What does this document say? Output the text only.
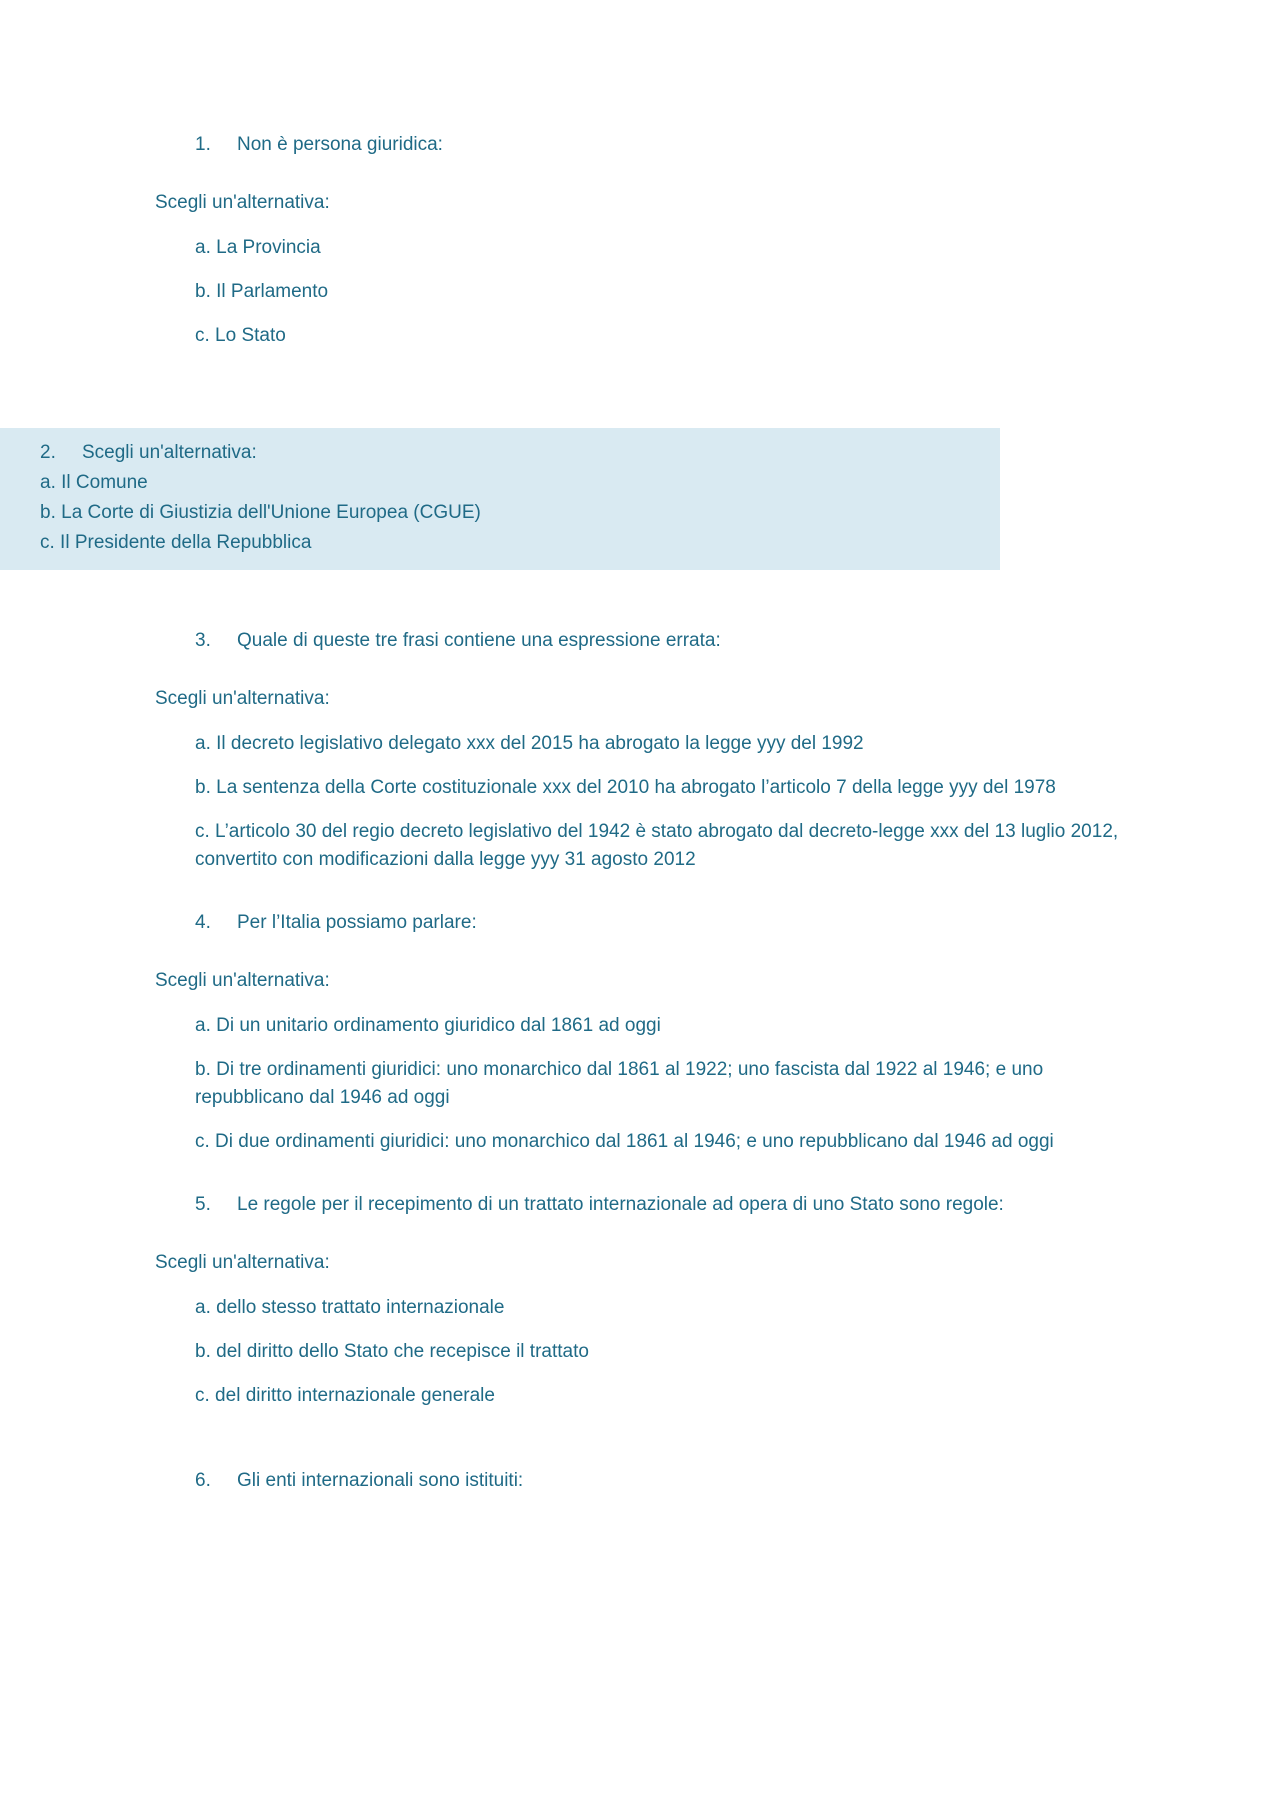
1.	Non è persona giuridica:
Scegli un'alternativa:
a. La Provincia
b. Il Parlamento
c. Lo Stato
2.	Scegli un'alternativa:
a. Il Comune
b. La Corte di Giustizia dell'Unione Europea (CGUE)
c. Il Presidente della Repubblica
3.	Quale di queste tre frasi contiene una espressione errata:
Scegli un'alternativa:
a. Il decreto legislativo delegato xxx del 2015 ha abrogato la legge yyy del 1992
b. La sentenza della Corte costituzionale xxx del 2010 ha abrogato l’articolo 7 della legge yyy del 1978
c. L’articolo 30 del regio decreto legislativo del 1942 è stato abrogato dal decreto-legge xxx del 13 luglio 2012, convertito con modificazioni dalla legge yyy 31 agosto 2012
4.	Per l’Italia possiamo parlare:
Scegli un'alternativa:
a. Di un unitario ordinamento giuridico dal 1861 ad oggi
b. Di tre ordinamenti giuridici: uno monarchico dal 1861 al 1922; uno fascista dal 1922 al 1946; e uno repubblicano dal 1946 ad oggi
c. Di due ordinamenti giuridici: uno monarchico dal 1861 al 1946; e uno repubblicano dal 1946 ad oggi
5.	Le regole per il recepimento di un trattato internazionale ad opera di uno Stato sono regole:
Scegli un'alternativa:
a. dello stesso trattato internazionale
b. del diritto dello Stato che recepisce il trattato
c. del diritto internazionale generale
6.	Gli enti internazionali sono istituiti:
